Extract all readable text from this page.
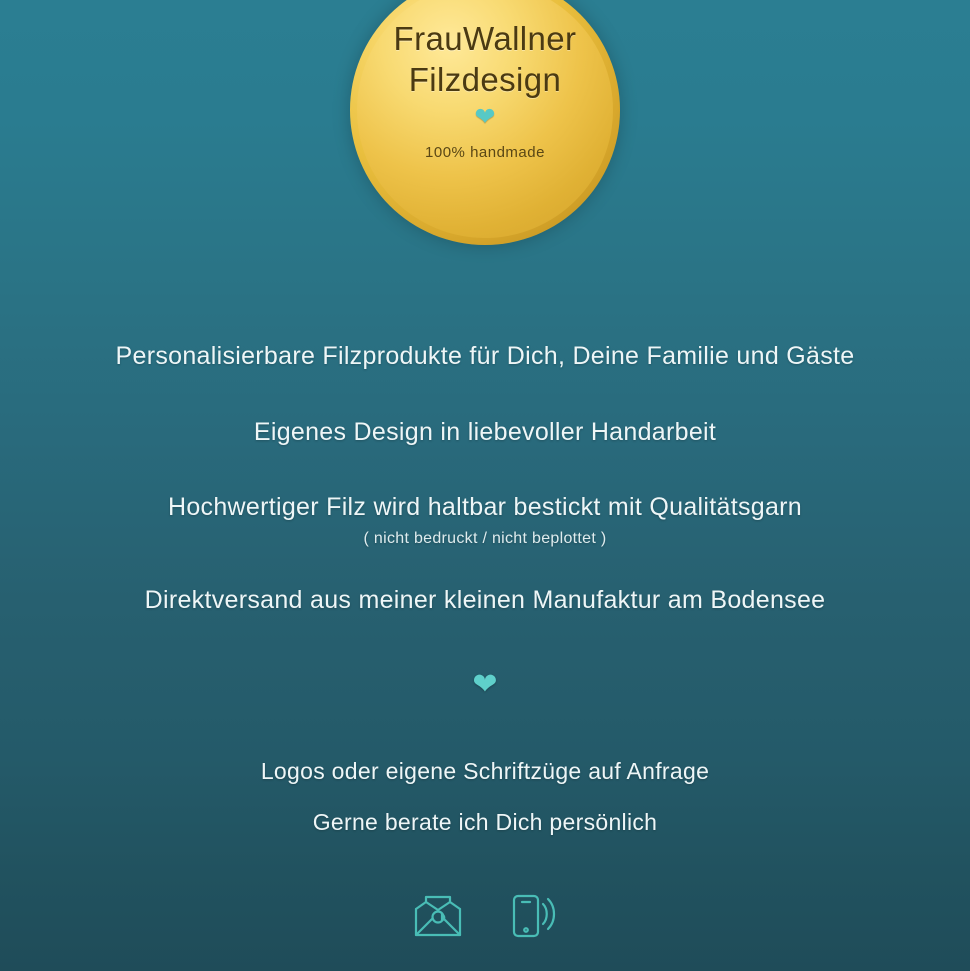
FrauWallner
Filzdesign
❤
100% handmade
Personalisierbare Filzprodukte für Dich, Deine Familie und Gäste
Eigenes Design in liebevoller Handarbeit
Hochwertiger Filz wird haltbar bestickt mit Qualitätsgarn
( nicht bedruckt / nicht beplottet )
Direktversand aus meiner kleinen Manufaktur am Bodensee
❤
Logos oder eigene Schriftzüge auf Anfrage
Gerne berate ich Dich persönlich
